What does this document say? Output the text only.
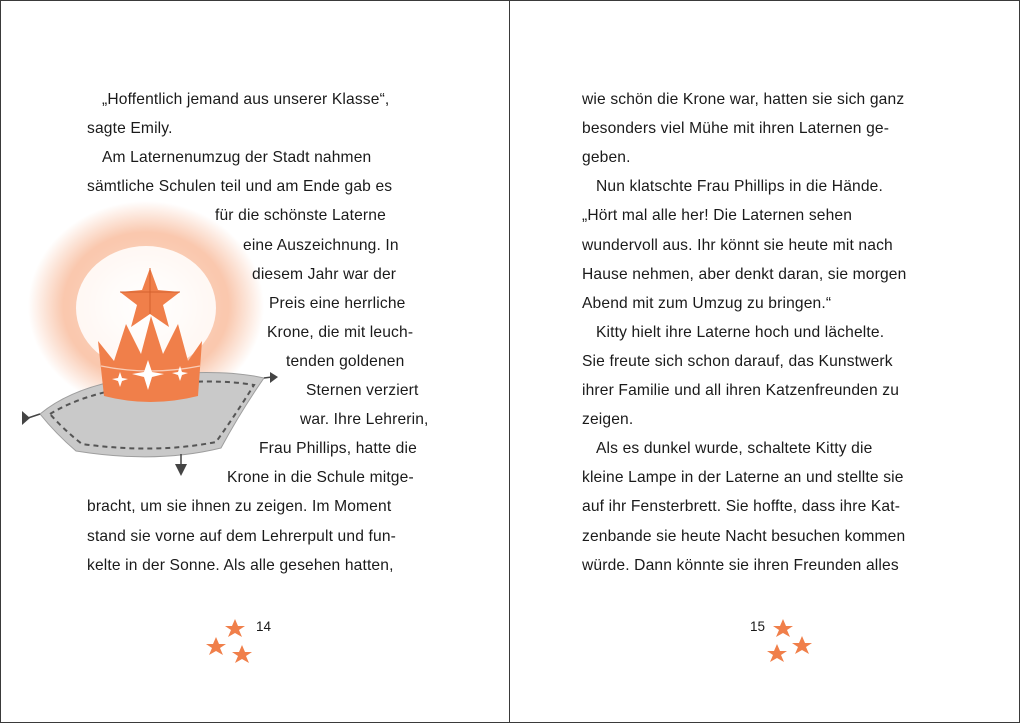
14
„Hoffentlich jemand aus unserer Klasse“,
sagte Emily.
Am Laternenumzug der Stadt nahmen
sämtliche Schulen teil und am Ende gab es
für die schönste Laterne
eine Auszeichnung. In
diesem Jahr war der
Preis eine herrliche
Krone, die mit leuch-
tenden goldenen
Sternen verziert
war. Ihre Lehrerin,
Frau Phillips, hatte die
Krone in die Schule mitge-
bracht, um sie ihnen zu zeigen. Im Moment
stand sie vorne auf dem Lehrerpult und fun-
kelte in der Sonne. Als alle gesehen hatten,
15
wie schön die Krone war, hatten sie sich ganz
besonders viel Mühe mit ihren Laternen ge-
geben.
Nun klatschte Frau Phillips in die Hände.
„Hört mal alle her! Die Laternen sehen
wundervoll aus. Ihr könnt sie heute mit nach
Hause nehmen, aber denkt daran, sie morgen
Abend mit zum Umzug zu bringen.“
Kitty hielt ihre Laterne hoch und lächelte.
Sie freute sich schon darauf, das Kunstwerk
ihrer Familie und all ihren Katzenfreunden zu
zeigen.
Als es dunkel wurde, schaltete Kitty die
kleine Lampe in der Laterne an und stellte sie
auf ihr Fensterbrett. Sie hoffte, dass ihre Kat-
zenbande sie heute Nacht besuchen kommen
würde. Dann könnte sie ihren Freunden alles
